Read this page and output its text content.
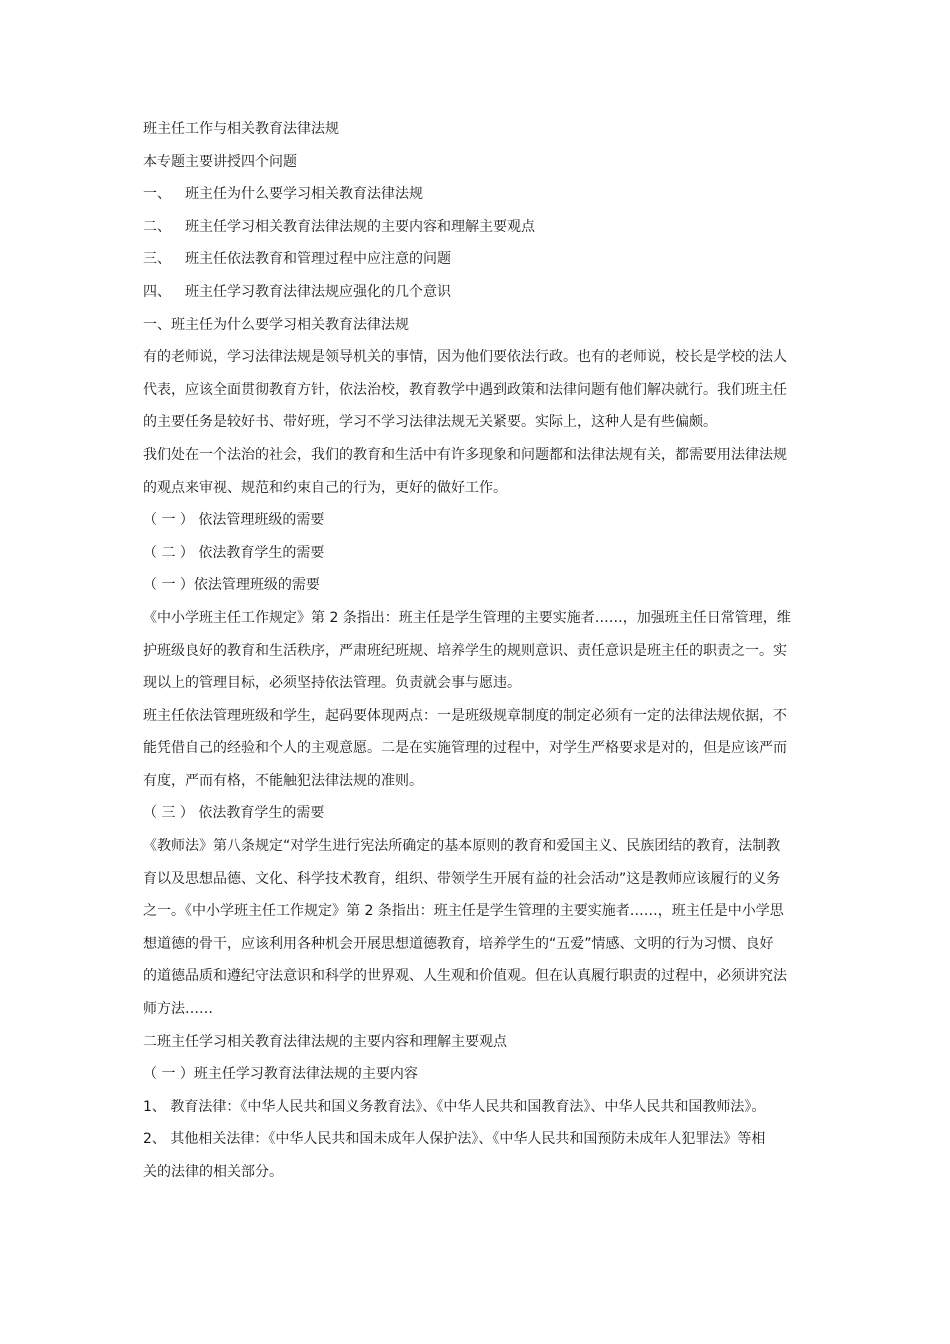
班主任工作与相关教育法律法规

本专题主要讲授四个问题

一、 班主任为什么要学习相关教育法律法规

二、 班主任学习相关教育法律法规的主要内容和理解主要观点

三、 班主任依法教育和管理过程中应注意的问题

四、 班主任学习教育法律法规应强化的几个意识

一、班主任为什么要学习相关教育法律法规

有的老师说，学习法律法规是领导机关的事情，因为他们要依法行政。也有的老师说，校长是学校的法人

代表，应该全面贯彻教育方针，依法治校，教育教学中遇到政策和法律问题有他们解决就行。我们班主任

的主要任务是较好书、带好班，学习不学习法律法规无关紧要。实际上，这种人是有些偏颇。

我们处在一个法治的社会，我们的教育和生活中有许多现象和问题都和法律法规有关，都需要用法律法规

的观点来审视、规范和约束自己的行为，更好的做好工作。

（ 一 ） 依法管理班级的需要

（ 二 ） 依法教育学生的需要

（ 一 ）依法管理班级的需要

《中小学班主任工作规定》第 2 条指出：班主任是学生管理的主要实施者……，加强班主任日常管理，维

护班级良好的教育和生活秩序，严肃班纪班规、培养学生的规则意识、责任意识是班主任的职责之一。实

现以上的管理目标，必须坚持依法管理。负责就会事与愿违。

班主任依法管理班级和学生，起码要体现两点：一是班级规章制度的制定必须有一定的法律法规依据，不

能凭借自己的经验和个人的主观意愿。二是在实施管理的过程中，对学生严格要求是对的，但是应该严而

有度，严而有格，不能触犯法律法规的准则。

（ 三 ） 依法教育学生的需要

《教师法》第八条规定“对学生进行宪法所确定的基本原则的教育和爱国主义、民族团结的教育，法制教

育以及思想品德、文化、科学技术教育，组织、带领学生开展有益的社会活动”这是教师应该履行的义务

之一。《中小学班主任工作规定》第 2 条指出：班主任是学生管理的主要实施者……，班主任是中小学思

想道德的骨干，应该利用各种机会开展思想道德教育，培养学生的“五爱”情感、文明的行为习惯、良好

的道德品质和遵纪守法意识和科学的世界观、人生观和价值观。但在认真履行职责的过程中，必须讲究法

师方法……

二班主任学习相关教育法律法规的主要内容和理解主要观点

（ 一 ）班主任学习教育法律法规的主要内容

1、 教育法律：《中华人民共和国义务教育法》、《中华人民共和国教育法》、中华人民共和国教师法》。

2、 其他相关法律：《中华人民共和国未成年人保护法》、《中华人民共和国预防未成年人犯罪法》等相

关的法律的相关部分。
